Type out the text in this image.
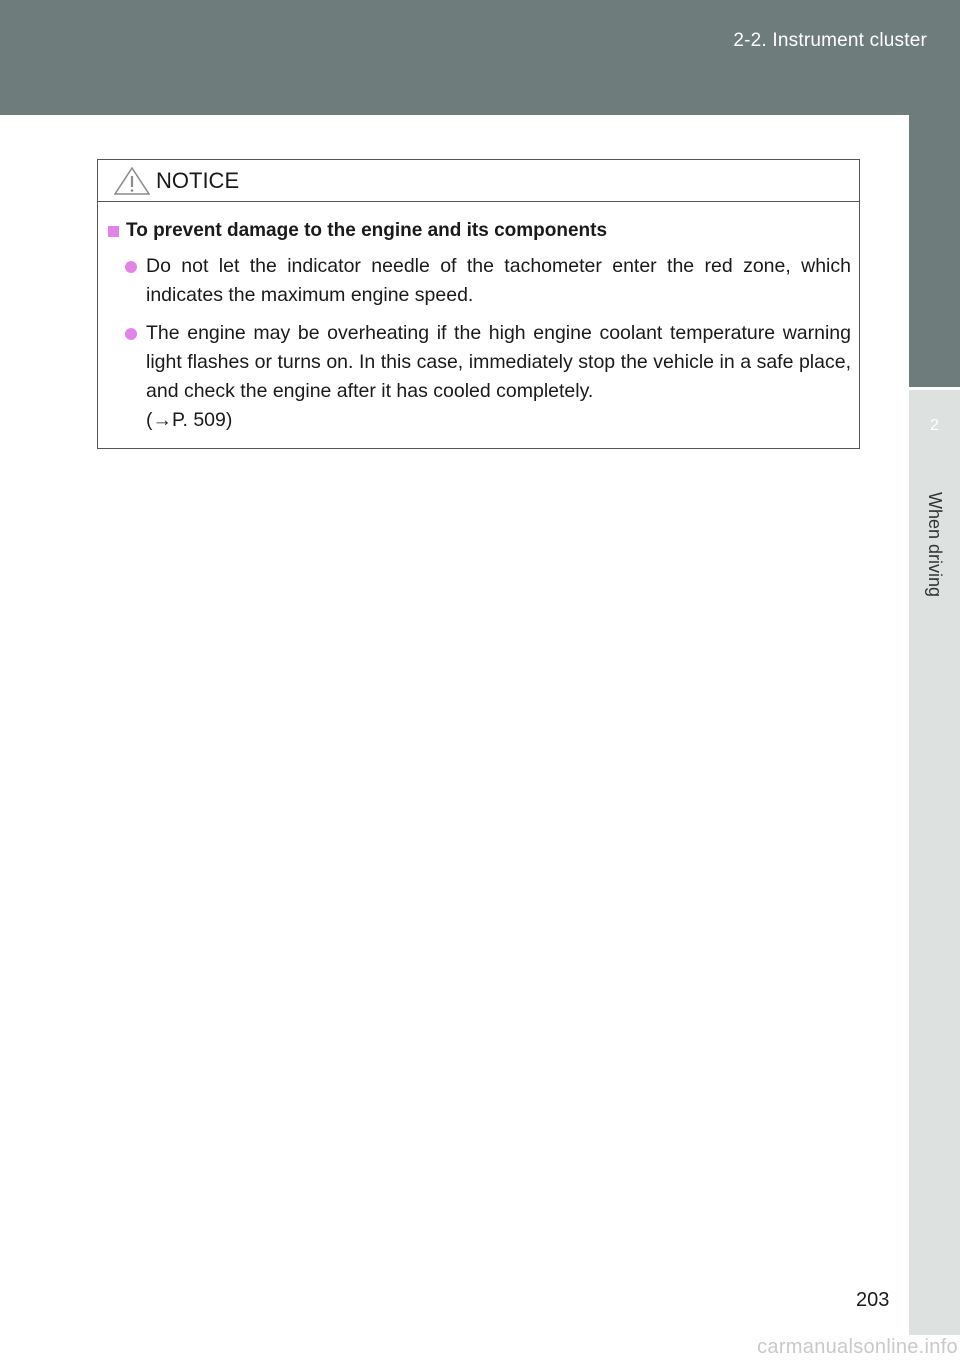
2-2. Instrument cluster
2
When driving
NOTICE
To prevent damage to the engine and its components
Do not let the indicator needle of the tachometer enter the red zone, which indicates the maximum engine speed.
The engine may be overheating if the high engine coolant temperature warning light flashes or turns on. In this case, immediately stop the vehicle in a safe place, and check the engine after it has cooled completely.
(→P. 509)
203
carmanualsonline.info
